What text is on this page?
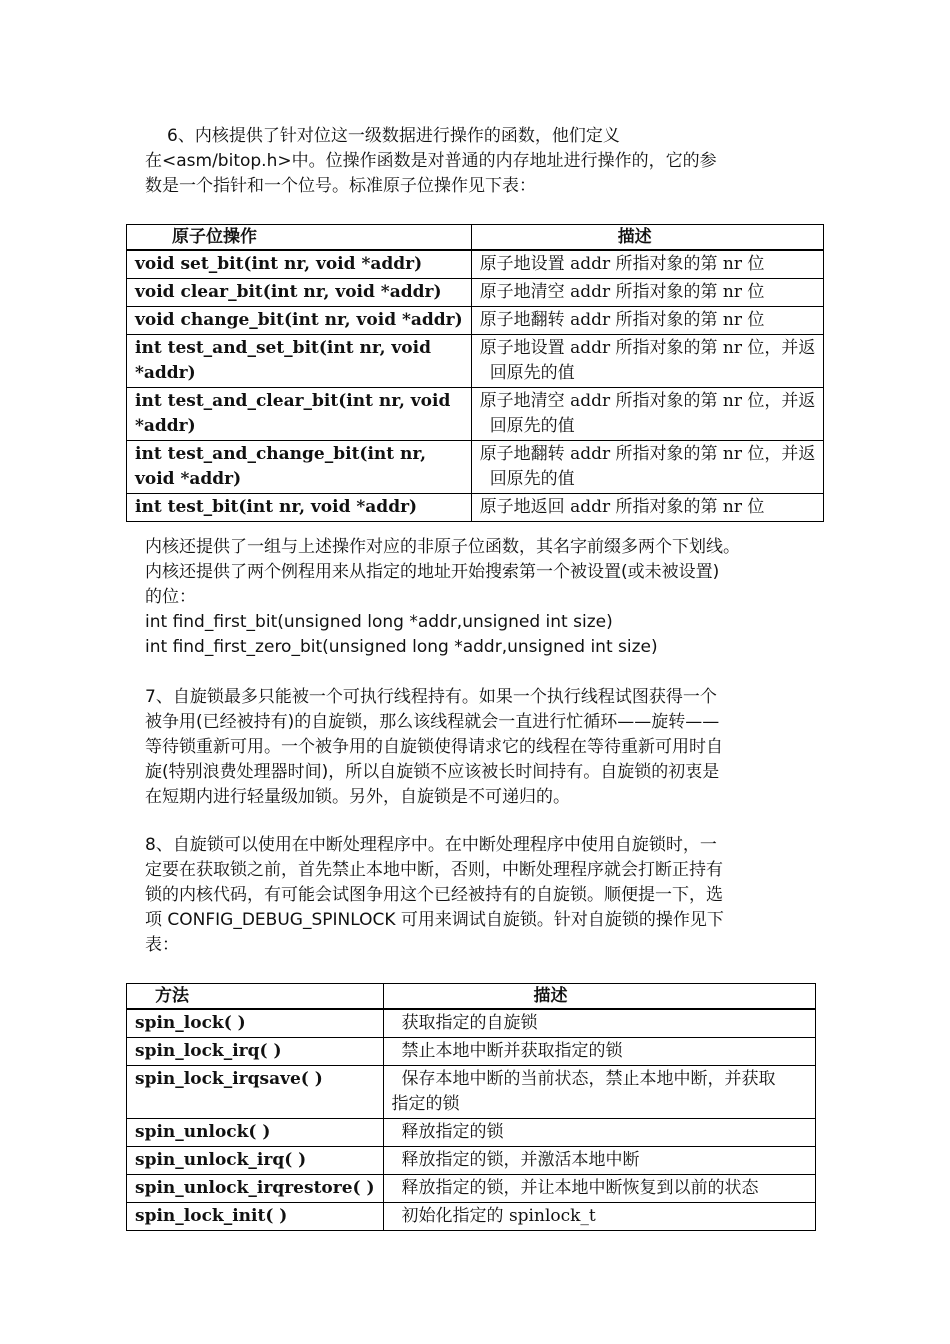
6、内核提供了针对位这一级数据进行操作的函数，他们定义
在<asm/bitop.h>中。位操作函数是对普通的内存地址进行操作的，它的参
数是一个指针和一个位号。标准原子位操作见下表：
原子位操作	描述

void set_bit(int nr, void *addr)	原子地设置 addr 所指对象的第 nr 位

void clear_bit(int nr, void *addr)	原子地清空 addr 所指对象的第 nr 位

void change_bit(int nr, void *addr)	原子地翻转 addr 所指对象的第 nr 位

int test_and_set_bit(int nr, void
*addr)	原子地设置 addr 所指对象的第 nr 位，并返
回原先的值

int test_and_clear_bit(int nr, void
*addr)	原子地清空 addr 所指对象的第 nr 位，并返
回原先的值

int test_and_change_bit(int nr,
void *addr)	原子地翻转 addr 所指对象的第 nr 位，并返
回原先的值

int test_bit(int nr, void *addr)	原子地返回 addr 所指对象的第 nr 位
内核还提供了一组与上述操作对应的非原子位函数，其名字前缀多两个下划线。
内核还提供了两个例程用来从指定的地址开始搜索第一个被设置(或未被设置)
的位：
int find_first_bit(unsigned long *addr,unsigned int size)
int find_first_zero_bit(unsigned long *addr,unsigned int size)
7、自旋锁最多只能被一个可执行线程持有。如果一个执行线程试图获得一个
被争用(已经被持有)的自旋锁，那么该线程就会一直进行忙循环——旋转——
等待锁重新可用。一个被争用的自旋锁使得请求它的线程在等待重新可用时自
旋(特别浪费处理器时间)，所以自旋锁不应该被长时间持有。自旋锁的初衷是
在短期内进行轻量级加锁。另外，自旋锁是不可递归的。
8、自旋锁可以使用在中断处理程序中。在中断处理程序中使用自旋锁时，一
定要在获取锁之前，首先禁止本地中断，否则，中断处理程序就会打断正持有
锁的内核代码，有可能会试图争用这个已经被持有的自旋锁。顺便提一下，选
项 CONFIG_DEBUG_SPINLOCK 可用来调试自旋锁。针对自旋锁的操作见下
表：
方法	描述

spin_lock( )	获取指定的自旋锁

spin_lock_irq( )	禁止本地中断并获取指定的锁

spin_lock_irqsave( )	保存本地中断的当前状态，禁止本地中断，并获取
指定的锁

spin_unlock( )	释放指定的锁

spin_unlock_irq( )	释放指定的锁，并激活本地中断

spin_unlock_irqrestore( )	释放指定的锁，并让本地中断恢复到以前的状态

spin_lock_init( )	初始化指定的 spinlock_t
